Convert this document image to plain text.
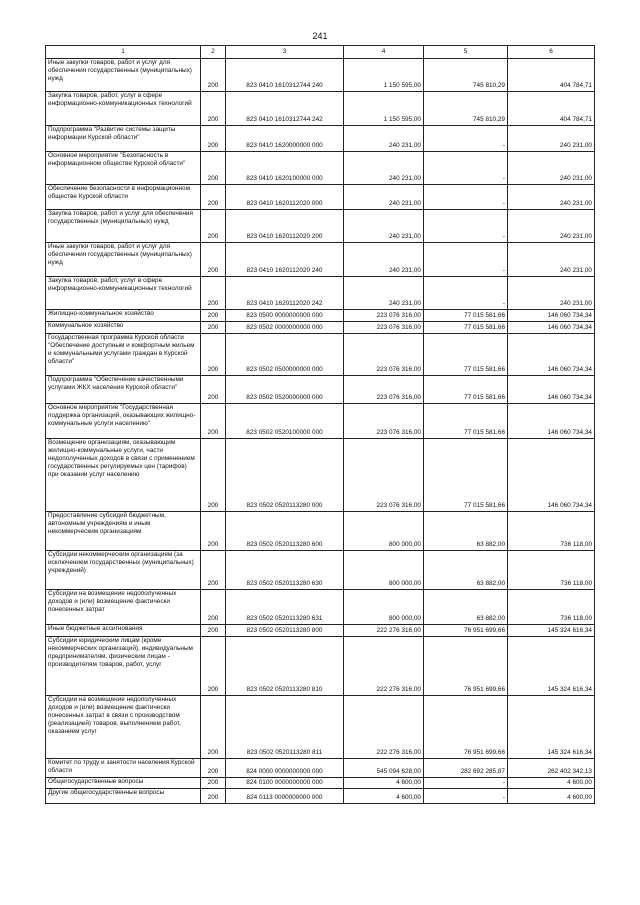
241
1	2	3	4	5	6
Иные закупки товаров, работ и услуг для обеспечения государственных (муниципальных) нужд	200	823 0410 1610312744 240	1 150 595,00	745 810,29	404 784,71
Закупка товаров, работ, услуг в сфере информационно-коммуникационных технологий	200	823 0410 1610312744 242	1 150 595,00	745 810,29	404 784,71
Подпрограмма "Развитие системы защиты информации Курской области"	200	823 0410 1620000000 000	240 231,00	-	240 231,00
Основное мероприятие "Безопасность в информационном обществе Курской области"	200	823 0410 1620100000 000	240 231,00	-	240 231,00
Обеспечение безопасности в информационном обществе Курской области	200	823 0410 1620112020 000	240 231,00	-	240 231,00
Закупка товаров, работ и услуг для обеспечения государственных (муниципальных) нужд	200	823 0410 1620112020 200	240 231,00	-	240 231,00
Иные закупки товаров, работ и услуг для обеспечения государственных (муниципальных) нужд	200	823 0410 1620112020 240	240 231,00	-	240 231,00
Закупка товаров, работ, услуг в сфере информационно-коммуникационных технологий	200	823 0410 1620112020 242	240 231,00	-	240 231,00
Жилищно-коммунальное хозяйство	200	823 0500 0000000000 000	223 076 316,00	77 015 581,66	146 060 734,34
Коммунальное хозяйство	200	823 0502 0000000000 000	223 076 316,00	77 015 581,66	146 060 734,34
Государственная программа Курской области "Обеспечение доступным и комфортным жильем и коммунальными услугами граждан в Курской области"	200	823 0502 0500000000 000	223 076 316,00	77 015 581,66	146 060 734,34
Подпрограмма "Обеспечение качественными услугами ЖКХ населения Курской области"	200	823 0502 0520000000 000	223 076 316,00	77 015 581,66	146 060 734,34
Основное мероприятие "Государственная поддержка организаций, оказывающих жилищно-коммунальные услуги населению"	200	823 0502 0520100000 000	223 076 316,00	77 015 581,66	146 060 734,34
Возмещение организациям, оказывающим жилищно-коммунальные услуги, части недополученных доходов в связи с применением государственных регулируемых цен (тарифов) при оказании услуг населению	200	823 0502 0520113280 000	223 076 316,00	77 015 581,66	146 060 734,34
Предоставление субсидий бюджетным, автономным учреждениям и иным некоммерческим организациям	200	823 0502 0520113280 600	800 000,00	63 882,00	736 118,00
Субсидии некоммерческим организациям (за исключением государственных (муниципальных) учреждений)	200	823 0502 0520113280 630	800 000,00	63 882,00	736 118,00
Субсидии на возмещение недополученных доходов и (или) возмещение фактически понесенных затрат	200	823 0502 0520113280 631	800 000,00	63 882,00	736 118,00
Иные бюджетные ассигнования	200	823 0502 0520113280 800	222 276 316,00	76 951 699,66	145 324 616,34
Субсидии юридическим лицам (кроме некоммерческих организаций), индивидуальным предпринимателям, физическим лицам - производителям товаров, работ, услуг	200	823 0502 0520113280 810	222 276 316,00	76 951 699,66	145 324 616,34
Субсидии на возмещение недополученных доходов и (или) возмещение фактически понесенных затрат в связи с производством (реализацией) товаров, выполнением работ, оказанием услуг	200	823 0502 0520113280 811	222 276 316,00	76 951 699,66	145 324 616,34
Комитет по труду и занятости населения Курской области	200	824 0000 0000000000 000	545 094 628,00	282 692 285,87	262 402 342,13
Общегосударственные вопросы	200	824 0100 0000000000 000	4 600,00	-	4 600,00
Другие общегосударственные вопросы	200	824 0113 0000000000 000	4 600,00	-	4 600,00
